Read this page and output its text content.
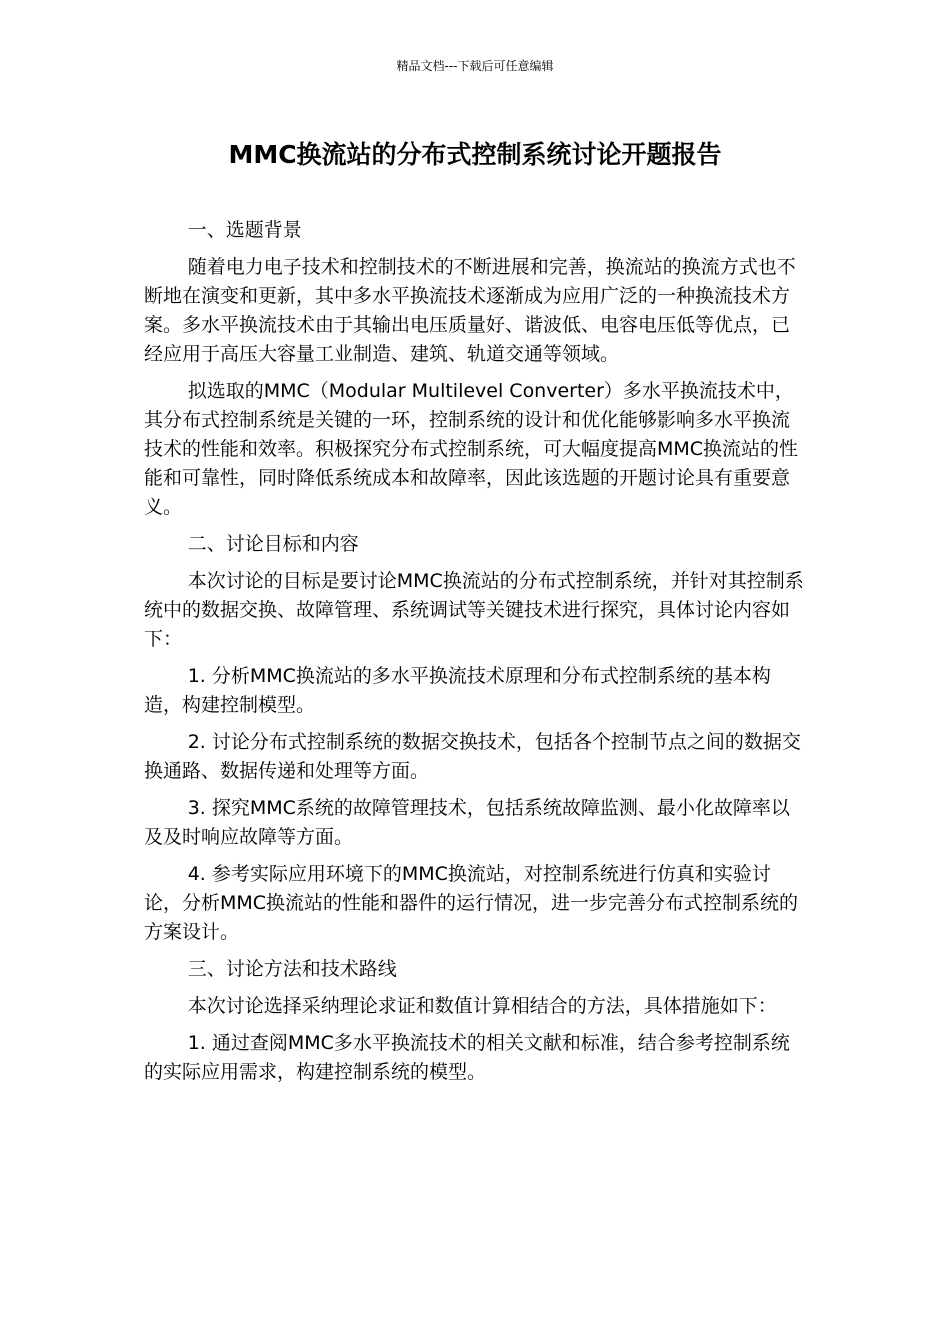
精品文档---下载后可任意编辑
MMC换流站的分布式控制系统讨论开题报告

一、选题背景

随着电力电子技术和控制技术的不断进展和完善，换流站的换流方式也不断地在演变和更新，其中多水平换流技术逐渐成为应用广泛的一种换流技术方案。多水平换流技术由于其输出电压质量好、谐波低、电容电压低等优点，已经应用于高压大容量工业制造、建筑、轨道交通等领域。

拟选取的MMC（Modular Multilevel Converter）多水平换流技术中，其分布式控制系统是关键的一环，控制系统的设计和优化能够影响多水平换流技术的性能和效率。积极探究分布式控制系统，可大幅度提高MMC换流站的性能和可靠性，同时降低系统成本和故障率，因此该选题的开题讨论具有重要意义。

二、讨论目标和内容

本次讨论的目标是要讨论MMC换流站的分布式控制系统，并针对其控制系统中的数据交换、故障管理、系统调试等关键技术进行探究，具体讨论内容如下：

1. 分析MMC换流站的多水平换流技术原理和分布式控制系统的基本构造，构建控制模型。

2. 讨论分布式控制系统的数据交换技术，包括各个控制节点之间的数据交换通路、数据传递和处理等方面。

3. 探究MMC系统的故障管理技术，包括系统故障监测、最小化故障率以及及时响应故障等方面。

4. 参考实际应用环境下的MMC换流站，对控制系统进行仿真和实验讨论，分析MMC换流站的性能和器件的运行情况，进一步完善分布式控制系统的方案设计。

三、讨论方法和技术路线

本次讨论选择采纳理论求证和数值计算相结合的方法，具体措施如下：

1. 通过查阅MMC多水平换流技术的相关文献和标准，结合参考控制系统的实际应用需求，构建控制系统的模型。
